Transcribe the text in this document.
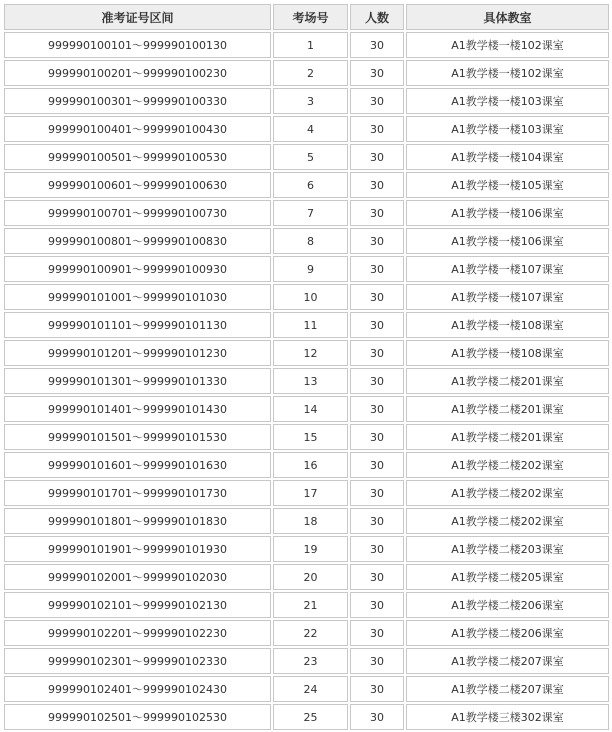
准考证号区间	考场号	人数	具体教室
999990100101～999990100130	1	30	A1教学楼一楼102课室
999990100201～999990100230	2	30	A1教学楼一楼102课室
999990100301～999990100330	3	30	A1教学楼一楼103课室
999990100401～999990100430	4	30	A1教学楼一楼103课室
999990100501～999990100530	5	30	A1教学楼一楼104课室
999990100601～999990100630	6	30	A1教学楼一楼105课室
999990100701～999990100730	7	30	A1教学楼一楼106课室
999990100801～999990100830	8	30	A1教学楼一楼106课室
999990100901～999990100930	9	30	A1教学楼一楼107课室
999990101001～999990101030	10	30	A1教学楼一楼107课室
999990101101～999990101130	11	30	A1教学楼一楼108课室
999990101201～999990101230	12	30	A1教学楼一楼108课室
999990101301～999990101330	13	30	A1教学楼二楼201课室
999990101401～999990101430	14	30	A1教学楼二楼201课室
999990101501～999990101530	15	30	A1教学楼二楼201课室
999990101601～999990101630	16	30	A1教学楼二楼202课室
999990101701～999990101730	17	30	A1教学楼二楼202课室
999990101801～999990101830	18	30	A1教学楼二楼202课室
999990101901～999990101930	19	30	A1教学楼二楼203课室
999990102001～999990102030	20	30	A1教学楼二楼205课室
999990102101～999990102130	21	30	A1教学楼二楼206课室
999990102201～999990102230	22	30	A1教学楼二楼206课室
999990102301～999990102330	23	30	A1教学楼二楼207课室
999990102401～999990102430	24	30	A1教学楼二楼207课室
999990102501～999990102530	25	30	A1教学楼三楼302课室
